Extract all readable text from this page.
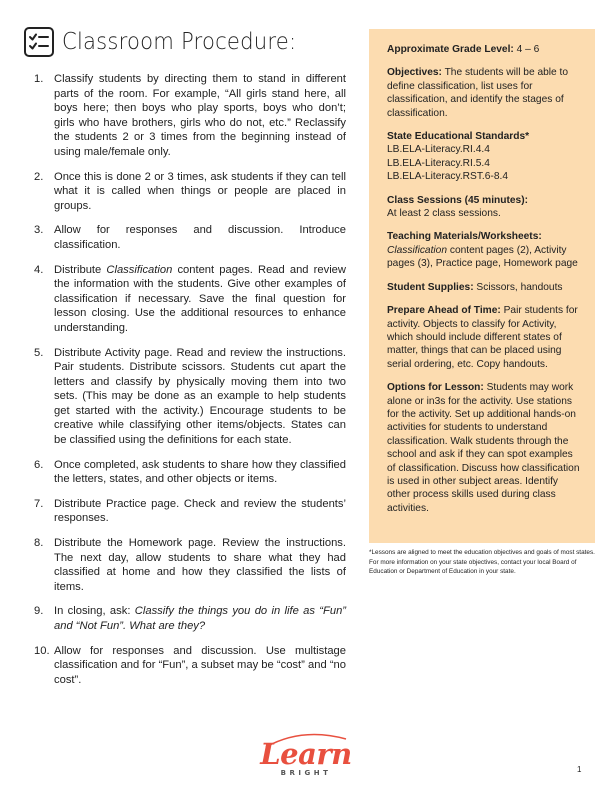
Classroom Procedure:
1. Classify students by directing them to stand in different parts of the room. For example, “All girls stand here, all boys here; then boys who play sports, boys who don’t; girls who have brothers, girls who do not, etc.” Reclassify the students 2 or 3 times from the beginning instead of using male/female only.
2. Once this is done 2 or 3 times, ask students if they can tell what it is called when things or people are placed in groups.
3. Allow for responses and discussion. Introduce classification.
4. Distribute Classification content pages. Read and review the information with the students. Give other examples of classification if necessary. Save the final question for lesson closing. Use the additional resources to enhance understanding.
5. Distribute Activity page. Read and review the instructions. Pair students. Distribute scissors. Students cut apart the letters and classify by physically moving them into two sets. (This may be done as an example to help students get started with the activity.) Encourage students to be creative while classifying other items/objects. States can be classified using the definitions for each state.
6. Once completed, ask students to share how they classified the letters, states, and other objects or items.
7. Distribute Practice page. Check and review the students’ responses.
8. Distribute the Homework page. Review the instructions. The next day, allow students to share what they had classified at home and how they classified the lists of items.
9. In closing, ask: Classify the things you do in life as “Fun” and “Not Fun”. What are they?
10. Allow for responses and discussion. Use multistage classification and for “Fun”, a subset may be “cost” and “no cost”.
Approximate Grade Level: 4 – 6
Objectives: The students will be able to define classification, list uses for classification, and identify the stages of classification.
State Educational Standards*
LB.ELA-Literacy.RI.4.4
LB.ELA-Literacy.RI.5.4
LB.ELA-Literacy.RST.6-8.4
Class Sessions (45 minutes):
At least 2 class sessions.
Teaching Materials/Worksheets:
Classification content pages (2), Activity pages (3), Practice page, Homework page
Student Supplies: Scissors, handouts
Prepare Ahead of Time: Pair students for activity. Objects to classify for Activity, which should include different states of matter, things that can be placed using serial ordering, etc. Copy handouts.
Options for Lesson: Students may work alone or in3s for the activity. Use stations for the activity. Set up additional hands-on activities for students to understand classification. Walk students through the school and ask if they can spot examples of classification. Discuss how classification is used in other subject areas. Identify other process skills used during class activities.
*Lessons are aligned to meet the education objectives and goals of most states. For more information on your state objectives, contact your local Board of Education or Department of Education in your state.
Learn
BRIGHT	1
